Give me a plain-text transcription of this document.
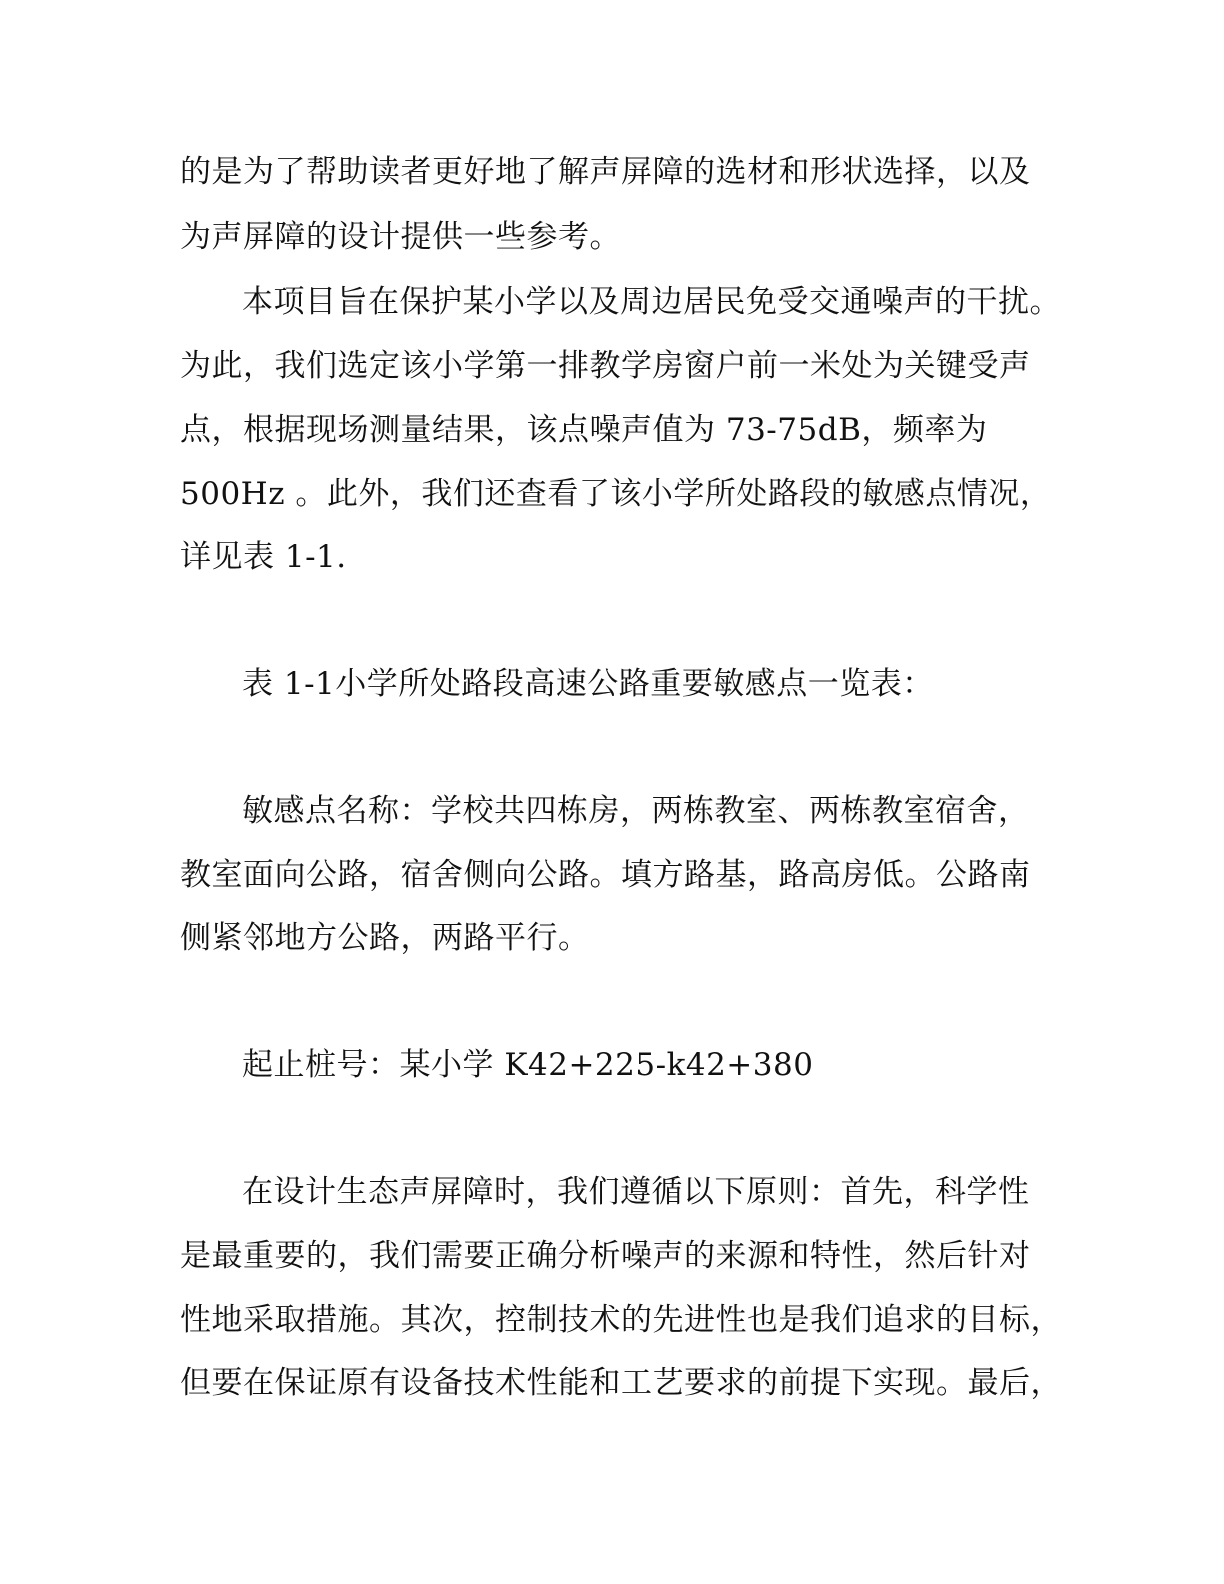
的是为了帮助读者更好地了解声屏障的选材和形状选择，以及
为声屏障的设计提供一些参考。
本项目旨在保护某小学以及周边居民免受交通噪声的干扰。
为此，我们选定该小学第一排教学房窗户前一米处为关键受声
点，根据现场测量结果，该点噪声值为 73-75dB，频率为
500Hz 。此外，我们还查看了该小学所处路段的敏感点情况，
详见表 1-1.
表 1-1小学所处路段高速公路重要敏感点一览表：
敏感点名称：学校共四栋房，两栋教室、两栋教室宿舍，
教室面向公路，宿舍侧向公路。填方路基，路高房低。公路南
侧紧邻地方公路，两路平行。
起止桩号：某小学 K42+225-k42+380
在设计生态声屏障时，我们遵循以下原则：首先，科学性
是最重要的，我们需要正确分析噪声的来源和特性，然后针对
性地采取措施。其次，控制技术的先进性也是我们追求的目标，
但要在保证原有设备技术性能和工艺要求的前提下实现。最后，
